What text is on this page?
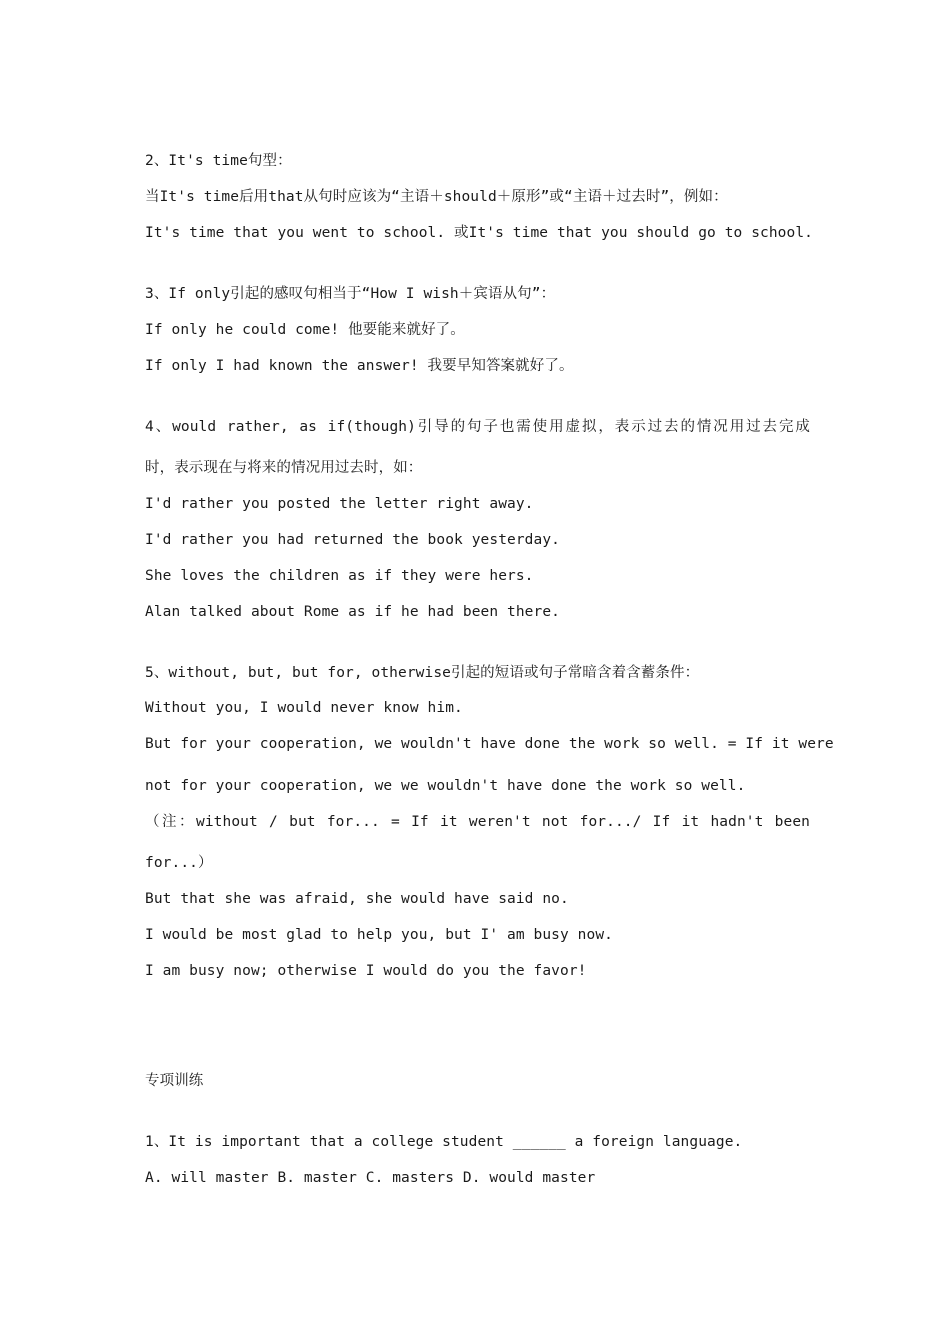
2、It's time句型：
当It's time后用that从句时应该为“主语＋should＋原形”或“主语＋过去时”，例如：
It's time that you went to school. 或It's time that you should go to school.
3、If only引起的感叹句相当于“How I wish＋宾语从句”：
If only he could come! 他要能来就好了。
If only I had known the answer! 我要早知答案就好了。
4、would rather, as if(though)引导的句子也需使用虚拟，表示过去的情况用过去完成
时，表示现在与将来的情况用过去时，如：
I'd rather you posted the letter right away.
I'd rather you had returned the book yesterday.
She loves the children as if they were hers.
Alan talked about Rome as if he had been there.
5、without, but, but for, otherwise引起的短语或句子常暗含着含蓄条件：
Without you, I would never know him.
But for your cooperation, we wouldn't have done the work so well. = If it were
not for your cooperation, we we wouldn't have done the work so well.
（注：without / but for... = If it weren't not for.../ If it hadn't been
for...）
But that she was afraid, she would have said no.
I would be most glad to help you, but I' am busy now.
I am busy now; otherwise I would do you the favor!
专项训练
1、It is important that a college student ______ a foreign language.
A. will master B. master C. masters D. would master
